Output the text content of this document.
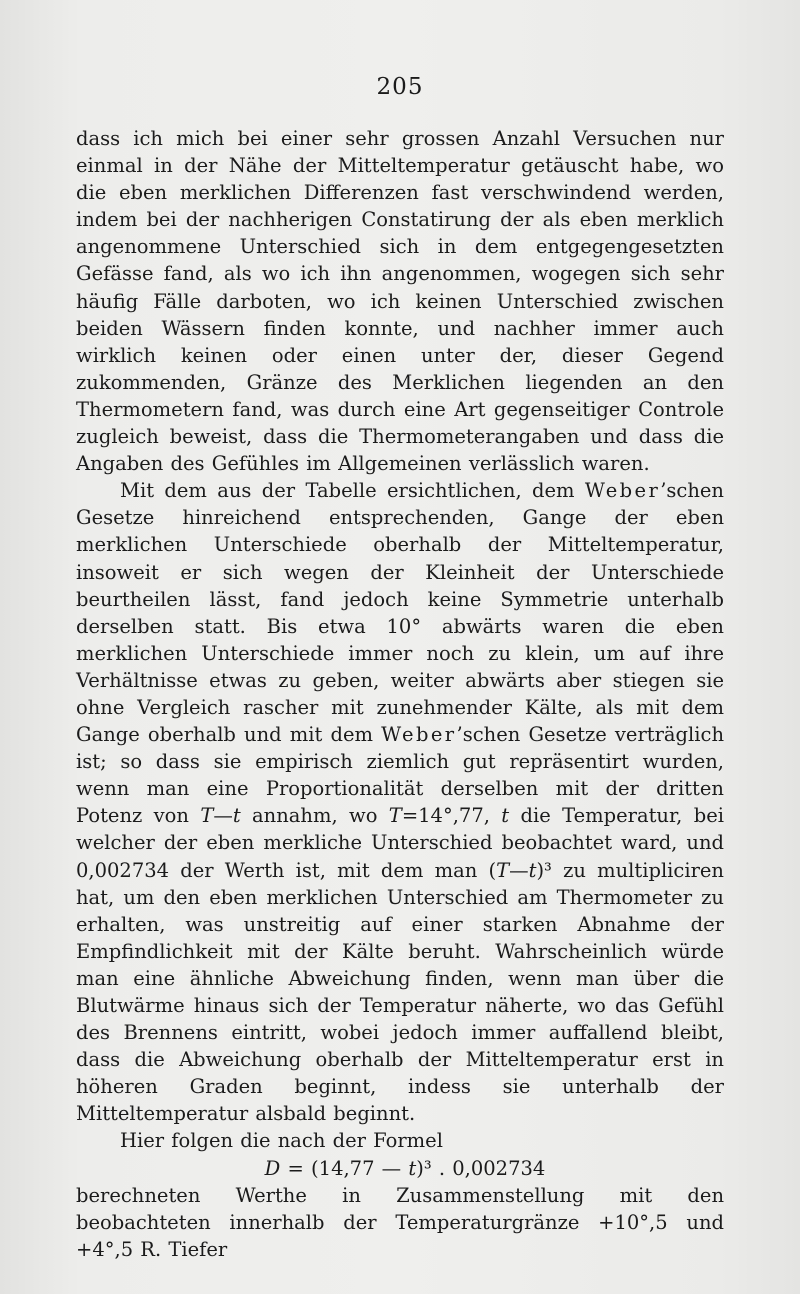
205

dass ich mich bei einer sehr grossen Anzahl Versuchen nur einmal in der Nähe der Mitteltemperatur getäuscht habe, wo die eben merklichen Differenzen fast verschwindend werden, indem bei der nachherigen Constatirung der als eben merklich angenommene Unterschied sich in dem entgegengesetzten Gefässe fand, als wo ich ihn angenommen, wogegen sich sehr häufig Fälle darboten, wo ich keinen Unterschied zwischen beiden Wässern finden konnte, und nachher immer auch wirklich keinen oder einen unter der, dieser Gegend zukommenden, Gränze des Merklichen liegenden an den Thermometern fand, was durch eine Art gegenseitiger Controle zugleich beweist, dass die Thermometerangaben und dass die Angaben des Gefühles im Allgemeinen verlässlich waren.

Mit dem aus der Tabelle ersichtlichen, dem Weber’schen Gesetze hinreichend entsprechenden, Gange der eben merklichen Unterschiede oberhalb der Mitteltemperatur, insoweit er sich wegen der Kleinheit der Unterschiede beurtheilen lässt, fand jedoch keine Symmetrie unterhalb derselben statt. Bis etwa 10° abwärts waren die eben merklichen Unterschiede immer noch zu klein, um auf ihre Verhältnisse etwas zu geben, weiter abwärts aber stiegen sie ohne Vergleich rascher mit zunehmender Kälte, als mit dem Gange oberhalb und mit dem Weber’schen Gesetze verträglich ist; so dass sie empirisch ziemlich gut repräsentirt wurden, wenn man eine Proportionalität derselben mit der dritten Potenz von T—t annahm, wo T=14°,77, t die Temperatur, bei welcher der eben merkliche Unterschied beobachtet ward, und 0,002734 der Werth ist, mit dem man (T—t)³ zu multipliciren hat, um den eben merklichen Unterschied am Thermometer zu erhalten, was unstreitig auf einer starken Abnahme der Empfindlichkeit mit der Kälte beruht. Wahrscheinlich würde man eine ähnliche Abweichung finden, wenn man über die Blutwärme hinaus sich der Temperatur näherte, wo das Gefühl des Brennens eintritt, wobei jedoch immer auffallend bleibt, dass die Abweichung oberhalb der Mitteltemperatur erst in höheren Graden beginnt, indess sie unterhalb der Mitteltemperatur alsbald beginnt.

Hier folgen die nach der Formel

D = (14,77 — t)³ . 0,002734

berechneten Werthe in Zusammenstellung mit den beobachteten innerhalb der Temperaturgränze +10°,5 und +4°,5 R. Tiefer
